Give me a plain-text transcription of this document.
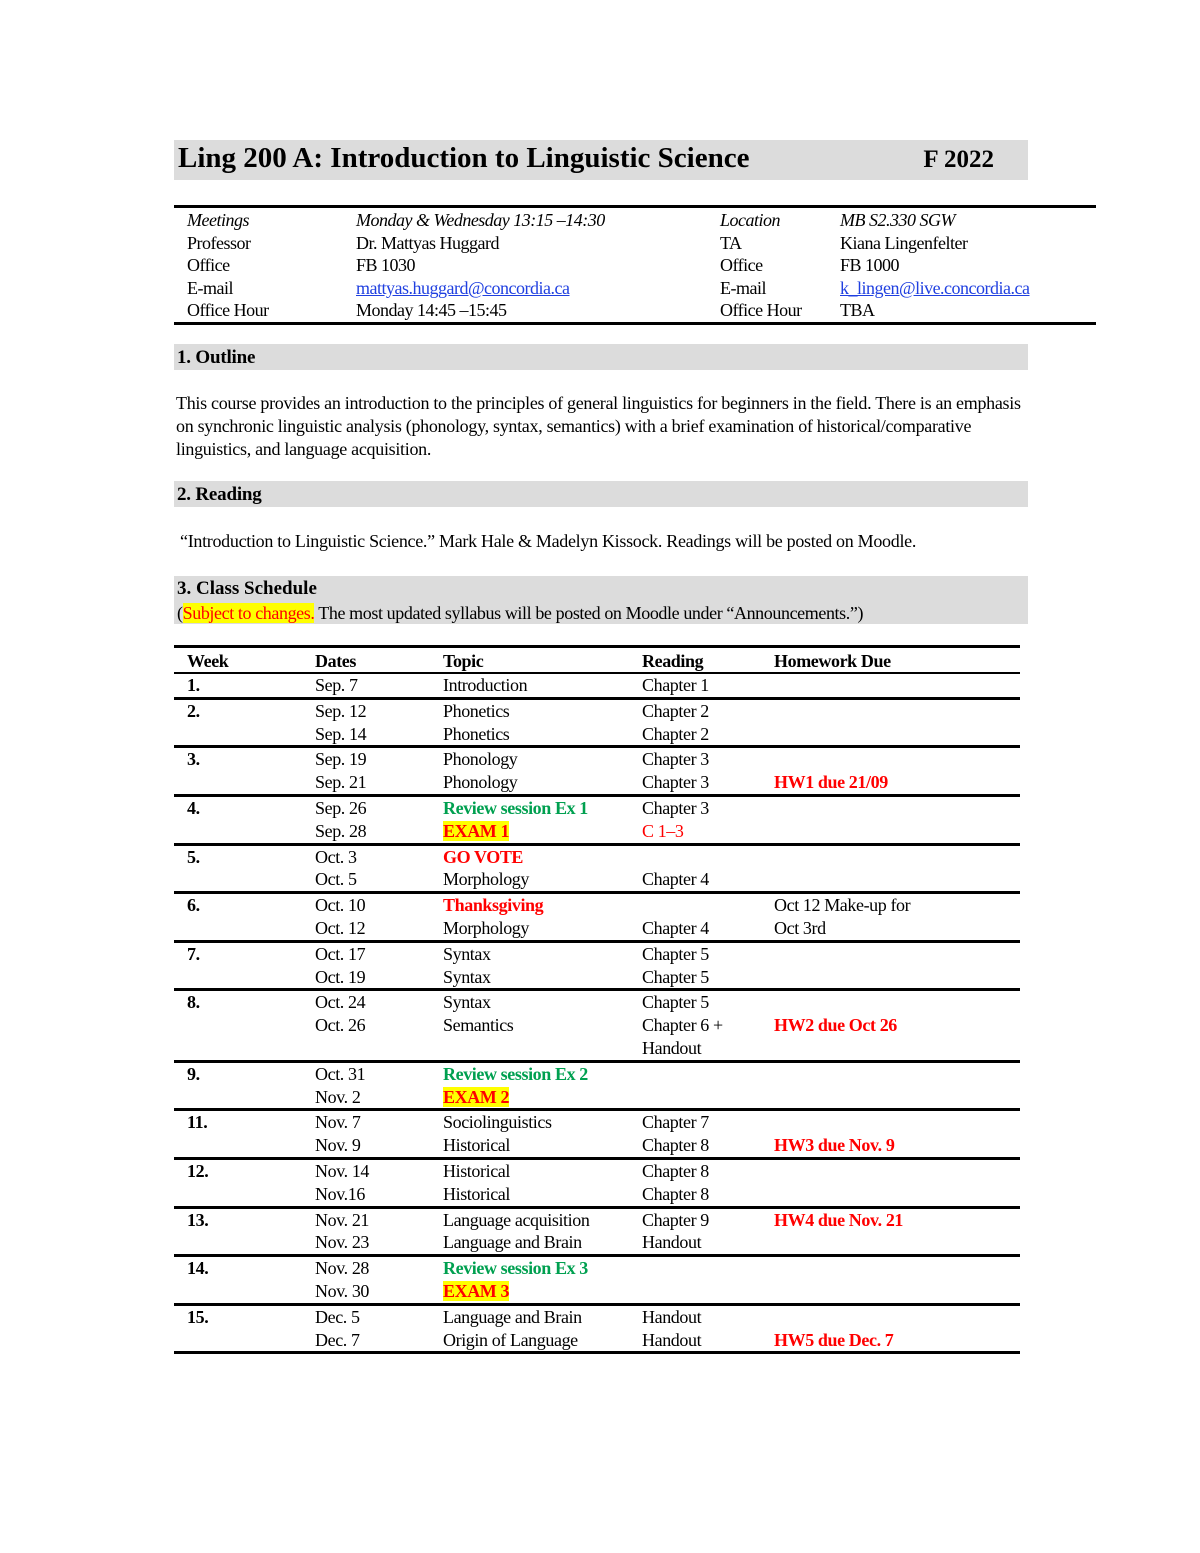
Ling 200 A: Introduction to Linguistic Science	F 2022
Meetings	Monday & Wednesday 13:15 –14:30	Location	MB S2.330 SGW
Professor	Dr. Mattyas Huggard	TA	Kiana Lingenfelter
Office	FB 1030	Office	FB 1000
E-mail	mattyas.huggard@concordia.ca	E-mail	k_lingen@live.concordia.ca
Office Hour	Monday 14:45 –15:45	Office Hour	TBA
1. Outline
This course provides an introduction to the principles of general linguistics for beginners in the field. There is an emphasis on synchronic linguistic analysis (phonology, syntax, semantics) with a brief examination of historical/comparative linguistics, and language acquisition.
2. Reading
“Introduction to Linguistic Science.” Mark Hale & Madelyn Kissock. Readings will be posted on Moodle.
3. Class Schedule
(Subject to changes. The most updated syllabus will be posted on Moodle under “Announcements.”)
Week	Dates	Topic	Reading	Homework Due
1.	Sep. 7	Introduction	Chapter 1	
2.	Sep. 12	Phonetics	Chapter 2	
	Sep. 14	Phonetics	Chapter 2	
3.	Sep. 19	Phonology	Chapter 3	
	Sep. 21	Phonology	Chapter 3	HW1 due 21/09
4.	Sep. 26	Review session Ex 1	Chapter 3	
	Sep. 28	EXAM 1	C 1–3	
5.	Oct. 3	GO VOTE		
	Oct. 5	Morphology	Chapter 4	
6.	Oct. 10	Thanksgiving		Oct 12 Make-up for
	Oct. 12	Morphology	Chapter 4	Oct 3rd
7.	Oct. 17	Syntax	Chapter 5	
	Oct. 19	Syntax	Chapter 5	
8.	Oct. 24	Syntax	Chapter 5	
	Oct. 26	Semantics	Chapter 6 +	HW2 due Oct 26
			Handout	
9.	Oct. 31	Review session Ex 2		
	Nov. 2	EXAM 2		
11.	Nov. 7	Sociolinguistics	Chapter 7	
	Nov. 9	Historical	Chapter 8	HW3 due Nov. 9
12.	Nov. 14	Historical	Chapter 8	
	Nov.16	Historical	Chapter 8	
13.	Nov. 21	Language acquisition	Chapter 9	HW4 due Nov. 21
	Nov. 23	Language and Brain	Handout	
14.	Nov. 28	Review session Ex 3		
	Nov. 30	EXAM 3		
15.	Dec. 5	Language and Brain	Handout	
	Dec. 7	Origin of Language	Handout	HW5 due Dec. 7
